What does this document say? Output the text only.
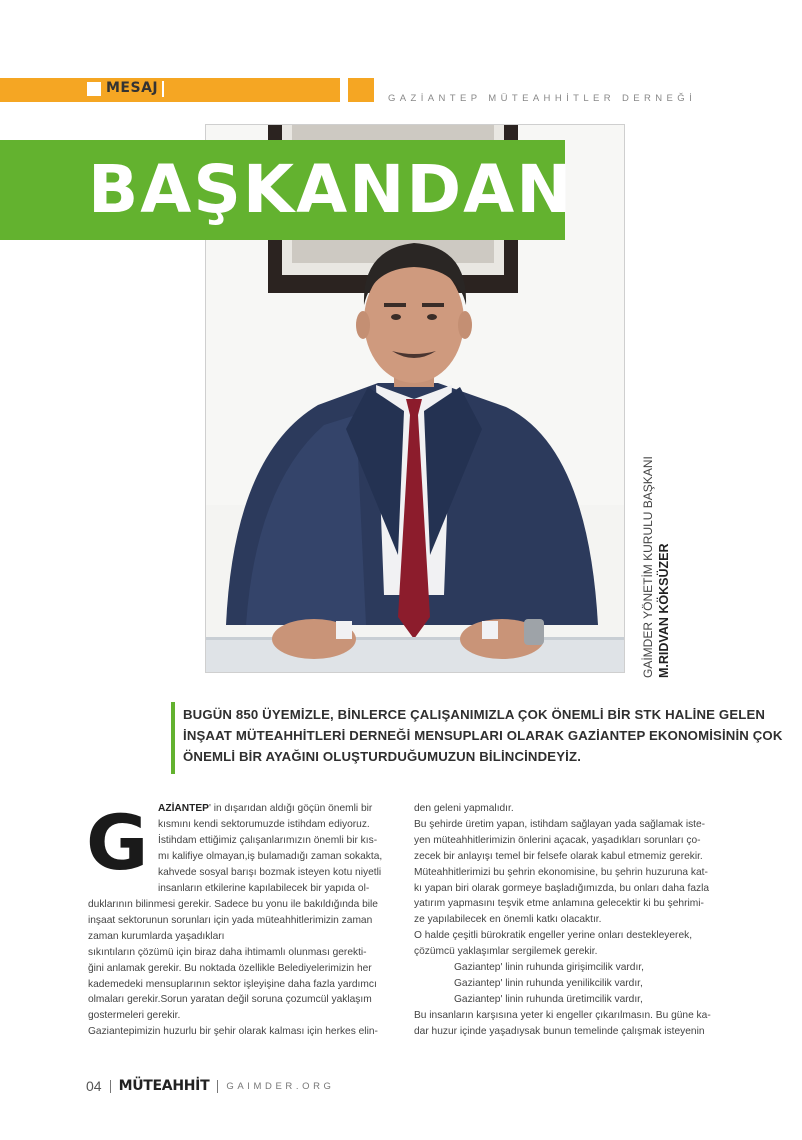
MESAJ
GAZİANTEP MÜTEAHHİTLER DERNEĞİ
BAŞKANDAN
GAİMDER YÖNETİM KURULU BAŞKANI M.RIDVAN KÖKSÜZER
BUGÜN 850 ÜYEMİZLE, BİNLERCE ÇALIŞANIMIZLA ÇOK ÖNEMLİ BİR STK HALİNE GELEN
İNŞAAT MÜTEAHHİTLERİ DERNEĞİ MENSUPLARI OLARAK GAZİANTEP EKONOMİSİNİN ÇOK
ÖNEMLİ BİR AYAĞINI OLUŞTURDUĞUMUZUN BİLİNCİNDEYİZ.
G AZİANTEP' in dışarıdan aldığı göçün önemli bir
kısmını kendi sektorumuzde istihdam ediyoruz.
İstihdam ettiğimiz çalışanlarımızın önemli bir kıs-
mı kalifiye olmayan,iş bulamadığı zaman sokakta,
kahvede sosyal barışı bozmak isteyen kotu niyetli
insanların etkilerine kapılabilecek bir yapıda ol-
duklarının bilinmesi gerekir. Sadece bu yonu ile bakıldığında bile
inşaat sektorunun sorunları için yada müteahhitlerimizin zaman
zaman kurumlarda yaşadıkları
sıkıntıların çözümü için biraz daha ihtimamlı olunması gerekti-
ğini anlamak gerekir. Bu noktada özellikle Belediyelerimizin her
kademedeki mensuplarının sektor işleyişine daha fazla yardımcı
olmaları gerekir.Sorun yaratan değil soruna çozumcül yaklaşım
gostermeleri gerekir.
Gaziantepimizin huzurlu bir şehir olarak kalması için herkes elin-
den geleni yapmalıdır.
Bu şehirde üretim yapan, istihdam sağlayan yada sağlamak iste-
yen müteahhitlerimizin önlerini açacak, yaşadıkları sorunları ço-
zecek bir anlayışı temel bir felsefe olarak kabul etmemiz gerekir.
Müteahhitlerimizi bu şehrin ekonomisine, bu şehrin huzuruna kat-
kı yapan biri olarak gormeye başladığımızda, bu onları daha fazla
yatırım yapmasını teşvik etme anlamına gelecektir ki bu şehrimi-
ze yapılabilecek en önemli katkı olacaktır.
O halde çeşitli bürokratik engeller yerine onları destekleyerek,
çözümcü yaklaşımlar sergilemek gerekir.
Gaziantep' linin ruhunda girişimcilik vardır,
Gaziantep' linin ruhunda yenilikcilik vardır,
Gaziantep' linin ruhunda üretimcilik vardır,
Bu insanların karşısına yeter ki engeller çıkarılmasın. Bu güne ka-
dar huzur içinde yaşadıysak bunun temelinde çalışmak isteyenin
04 MÜTEAHHİT GAIMDER.ORG
